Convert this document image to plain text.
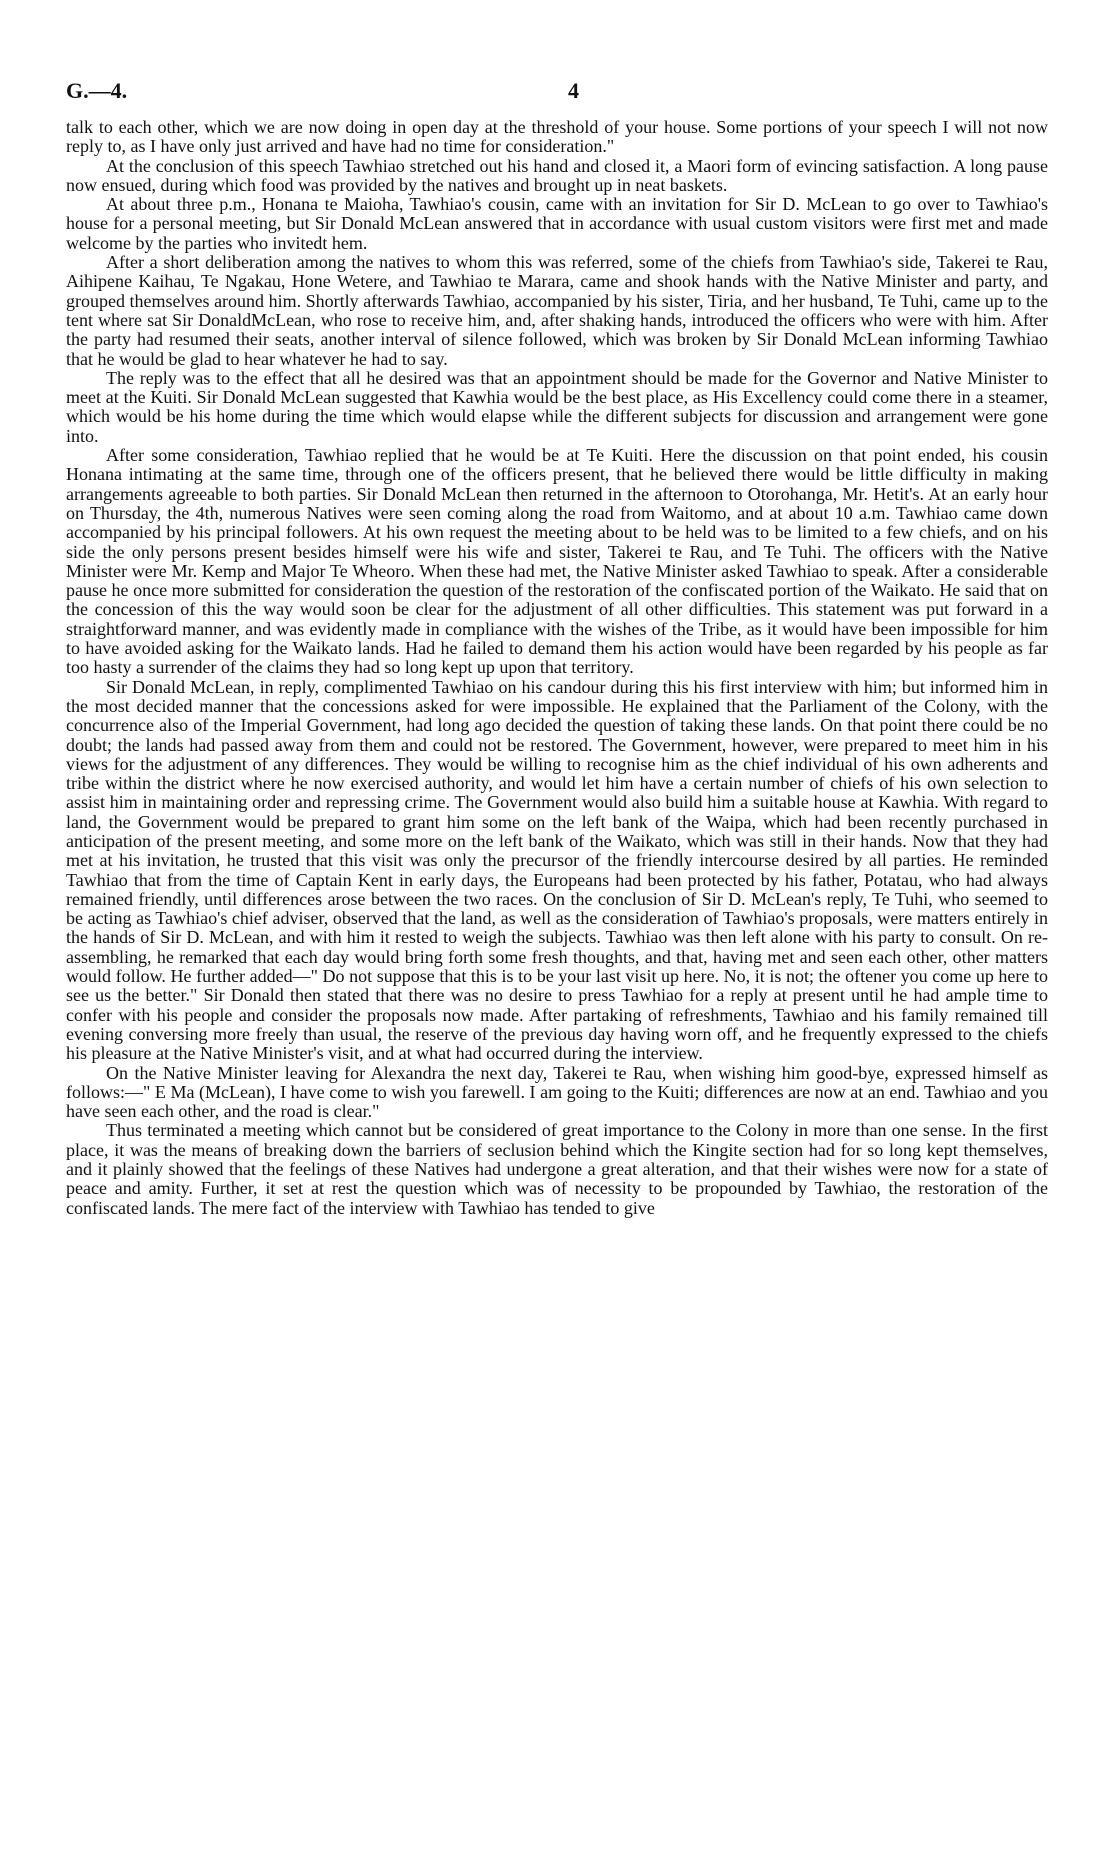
G.—4.	4

talk to each other, which we are now doing in open day at the threshold of your house. Some portions of your speech I will not now reply to, as I have only just arrived and have had no time for consideration."

At the conclusion of this speech Tawhiao stretched out his hand and closed it, a Maori form of evincing satisfaction. A long pause now ensued, during which food was provided by the natives and brought up in neat baskets.

At about three p.m., Honana te Maioha, Tawhiao's cousin, came with an invitation for Sir D. McLean to go over to Tawhiao's house for a personal meeting, but Sir Donald McLean answered that in accordance with usual custom visitors were first met and made welcome by the parties who invitedt hem.

After a short deliberation among the natives to whom this was referred, some of the chiefs from Tawhiao's side, Takerei te Rau, Aihipene Kaihau, Te Ngakau, Hone Wetere, and Tawhiao te Marara, came and shook hands with the Native Minister and party, and grouped themselves around him. Shortly afterwards Tawhiao, accompanied by his sister, Tiria, and her husband, Te Tuhi, came up to the tent where sat Sir DonaldMcLean, who rose to receive him, and, after shaking hands, introduced the officers who were with him. After the party had resumed their seats, another interval of silence followed, which was broken by Sir Donald McLean informing Tawhiao that he would be glad to hear whatever he had to say.

The reply was to the effect that all he desired was that an appointment should be made for the Governor and Native Minister to meet at the Kuiti. Sir Donald McLean suggested that Kawhia would be the best place, as His Excellency could come there in a steamer, which would be his home during the time which would elapse while the different subjects for discussion and arrangement were gone into.

After some consideration, Tawhiao replied that he would be at Te Kuiti. Here the discussion on that point ended, his cousin Honana intimating at the same time, through one of the officers present, that he believed there would be little difficulty in making arrangements agreeable to both parties. Sir Donald McLean then returned in the afternoon to Otorohanga, Mr. Hetit's. At an early hour on Thursday, the 4th, numerous Natives were seen coming along the road from Waitomo, and at about 10 a.m. Tawhiao came down accompanied by his principal followers. At his own request the meeting about to be held was to be limited to a few chiefs, and on his side the only persons present besides himself were his wife and sister, Takerei te Rau, and Te Tuhi. The officers with the Native Minister were Mr. Kemp and Major Te Wheoro. When these had met, the Native Minister asked Tawhiao to speak. After a considerable pause he once more submitted for consideration the question of the restoration of the confiscated portion of the Waikato. He said that on the concession of this the way would soon be clear for the adjustment of all other difficulties. This statement was put forward in a straightforward manner, and was evidently made in compliance with the wishes of the Tribe, as it would have been impossible for him to have avoided asking for the Waikato lands. Had he failed to demand them his action would have been regarded by his people as far too hasty a surrender of the claims they had so long kept up upon that territory.

Sir Donald McLean, in reply, complimented Tawhiao on his candour during this his first interview with him; but informed him in the most decided manner that the concessions asked for were impossible. He explained that the Parliament of the Colony, with the concurrence also of the Imperial Government, had long ago decided the question of taking these lands. On that point there could be no doubt; the lands had passed away from them and could not be restored. The Government, however, were prepared to meet him in his views for the adjustment of any differences. They would be willing to recognise him as the chief individual of his own adherents and tribe within the district where he now exercised authority, and would let him have a certain number of chiefs of his own selection to assist him in maintaining order and repressing crime. The Government would also build him a suitable house at Kawhia. With regard to land, the Government would be prepared to grant him some on the left bank of the Waipa, which had been recently purchased in anticipation of the present meeting, and some more on the left bank of the Waikato, which was still in their hands. Now that they had met at his invitation, he trusted that this visit was only the precursor of the friendly intercourse desired by all parties. He reminded Tawhiao that from the time of Captain Kent in early days, the Europeans had been protected by his father, Potatau, who had always remained friendly, until differences arose between the two races. On the conclusion of Sir D. McLean's reply, Te Tuhi, who seemed to be acting as Tawhiao's chief adviser, observed that the land, as well as the consideration of Tawhiao's proposals, were matters entirely in the hands of Sir D. McLean, and with him it rested to weigh the subjects. Tawhiao was then left alone with his party to consult. On re-assembling, he remarked that each day would bring forth some fresh thoughts, and that, having met and seen each other, other matters would follow. He further added—" Do not suppose that this is to be your last visit up here. No, it is not; the oftener you come up here to see us the better." Sir Donald then stated that there was no desire to press Tawhiao for a reply at present until he had ample time to confer with his people and consider the proposals now made. After partaking of refreshments, Tawhiao and his family remained till evening conversing more freely than usual, the reserve of the previous day having worn off, and he frequently expressed to the chiefs his pleasure at the Native Minister's visit, and at what had occurred during the interview.

On the Native Minister leaving for Alexandra the next day, Takerei te Rau, when wishing him good-bye, expressed himself as follows:—" E Ma (McLean), I have come to wish you farewell. I am going to the Kuiti; differences are now at an end. Tawhiao and you have seen each other, and the road is clear."

Thus terminated a meeting which cannot but be considered of great importance to the Colony in more than one sense. In the first place, it was the means of breaking down the barriers of seclusion behind which the Kingite section had for so long kept themselves, and it plainly showed that the feelings of these Natives had undergone a great alteration, and that their wishes were now for a state of peace and amity. Further, it set at rest the question which was of necessity to be propounded by Tawhiao, the restoration of the confiscated lands. The mere fact of the interview with Tawhiao has tended to give
